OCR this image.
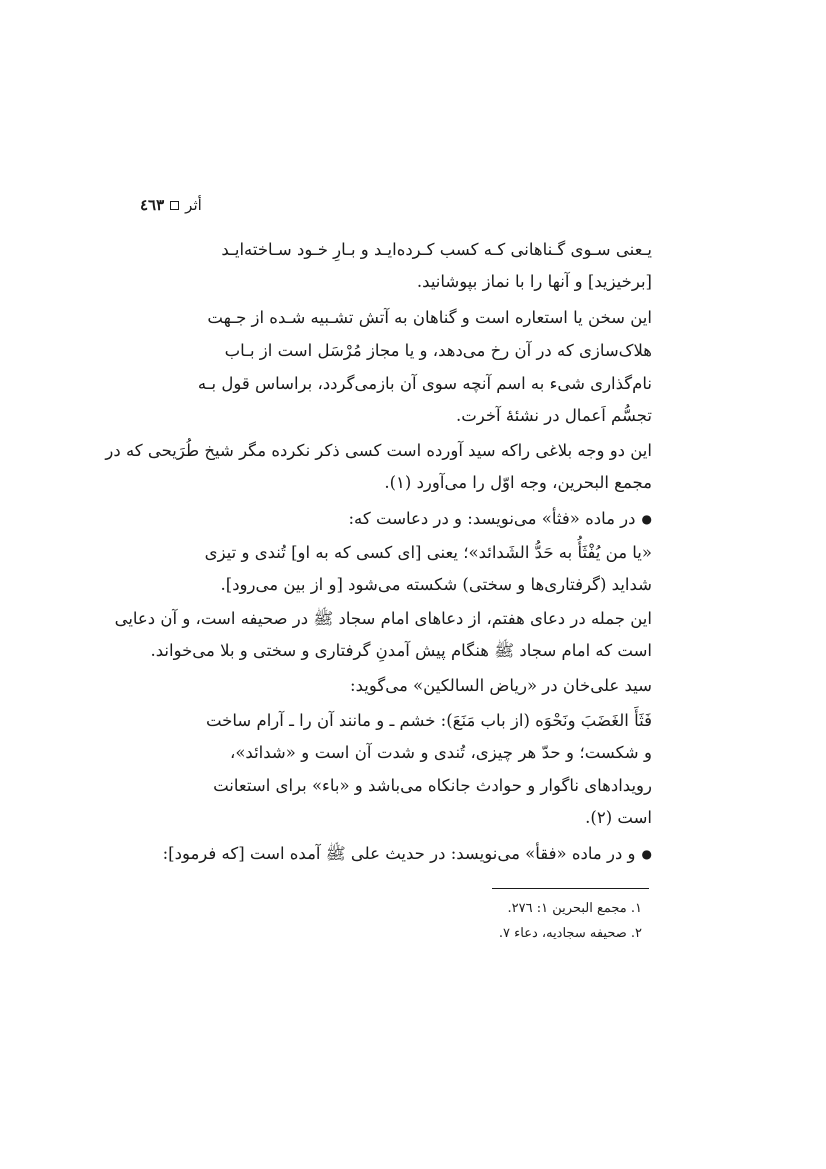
٤٦٣ أثر
یـعنی سـوی گـناهانی کـه کسب کـرده‌ایـد و بـارِ خـود سـاخته‌ایـد
[برخیزید] و آنها را با نماز بپوشانید.
این سخن یا استعاره است و گناهان به آتش تشـبیه شـده از جـهت
هلاک‌سازی که در آن رخ می‌دهد، و یا مجاز مُرْسَل است از بـاب
نام‌گذاری شیء به اسم آنچه سوی آن بازمی‌گردد، براساس قول بـه
تجسُّم اَعمال در نشئهٔ آخرت.
این دو وجه بلاغی راکه سید آورده است کسی ذکر نکرده مگر شیخ طُرَیحی که در
مجمع البحرین، وجه اوّل را می‌آورد (١).
● در ماده «فثأ» می‌نویسد: و در دعاست که:
«یا من یُفْثَأُ به حَدُّ الشَدائد»؛ یعنی [ای کسی که به او] تُندی و تیزی
شداید (گرفتاری‌ها و سختی) شکسته می‌شود [و از بین می‌رود].
این جمله در دعای هفتم، از دعاهای امام سجاد ﷺ در صحیفه است، و آن دعایی
است که امام سجاد ﷺ هنگام پیش آمدنِ گرفتاری و سختی و بلا می‌خواند.
سید علی‌خان در «ریاض السالکین» می‌گوید:
فَثَأَ الغَضَبَ ونَحْوَه (از باب مَنَعَ): خشم ـ و مانند آن را ـ آرام ساخت
و شکست؛ و حدّ هر چیزی، تُندی و شدت آن است و «شدائد»،
رویدادهای ناگوار و حوادث جانکاه می‌باشد و «باء» برای استعانت
است (٢).
● و در ماده «فقأ» می‌نویسد: در حدیث علی ﷺ آمده است [که فرمود]:
١. مجمع البحرین ١: ٢٧٦.
٢. صحیفه سجادیه، دعاء ٧.
